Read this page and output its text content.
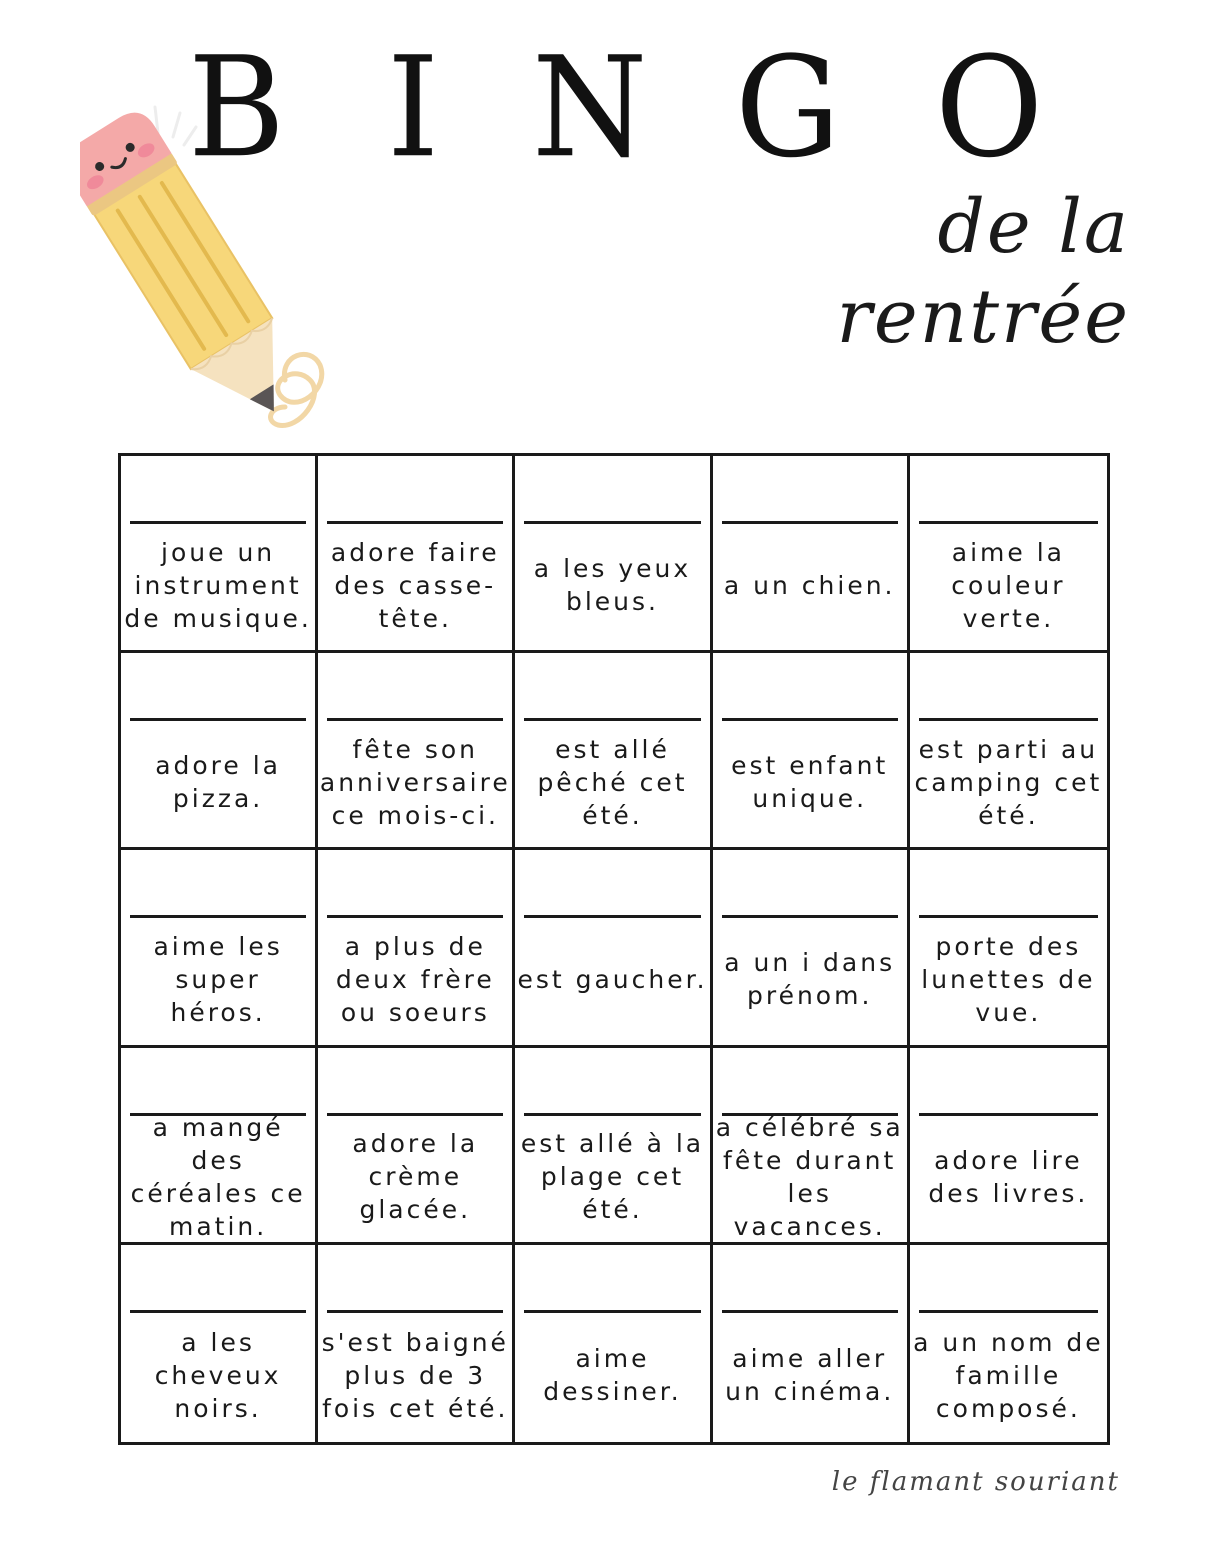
B I N G O
de la rentrée
joue un instrument de musique.
adore faire des casse-tête.
a les yeux bleus.
a un chien.
aime la couleur verte.
adore la pizza.
fête son anniversaire ce mois-ci.
est allé pêché cet été.
est enfant unique.
est parti au camping cet été.
aime les super héros.
a plus de deux frère ou soeurs
est gaucher.
a un i dans prénom.
porte des lunettes de vue.
a mangé des céréales ce matin.
adore la crème glacée.
est allé à la plage cet été.
a célébré sa fête durant les vacances.
adore lire des livres.
a les cheveux noirs.
s'est baigné plus de 3 fois cet été.
aime dessiner.
aime aller un cinéma.
a un nom de famille composé.
le flamant souriant
